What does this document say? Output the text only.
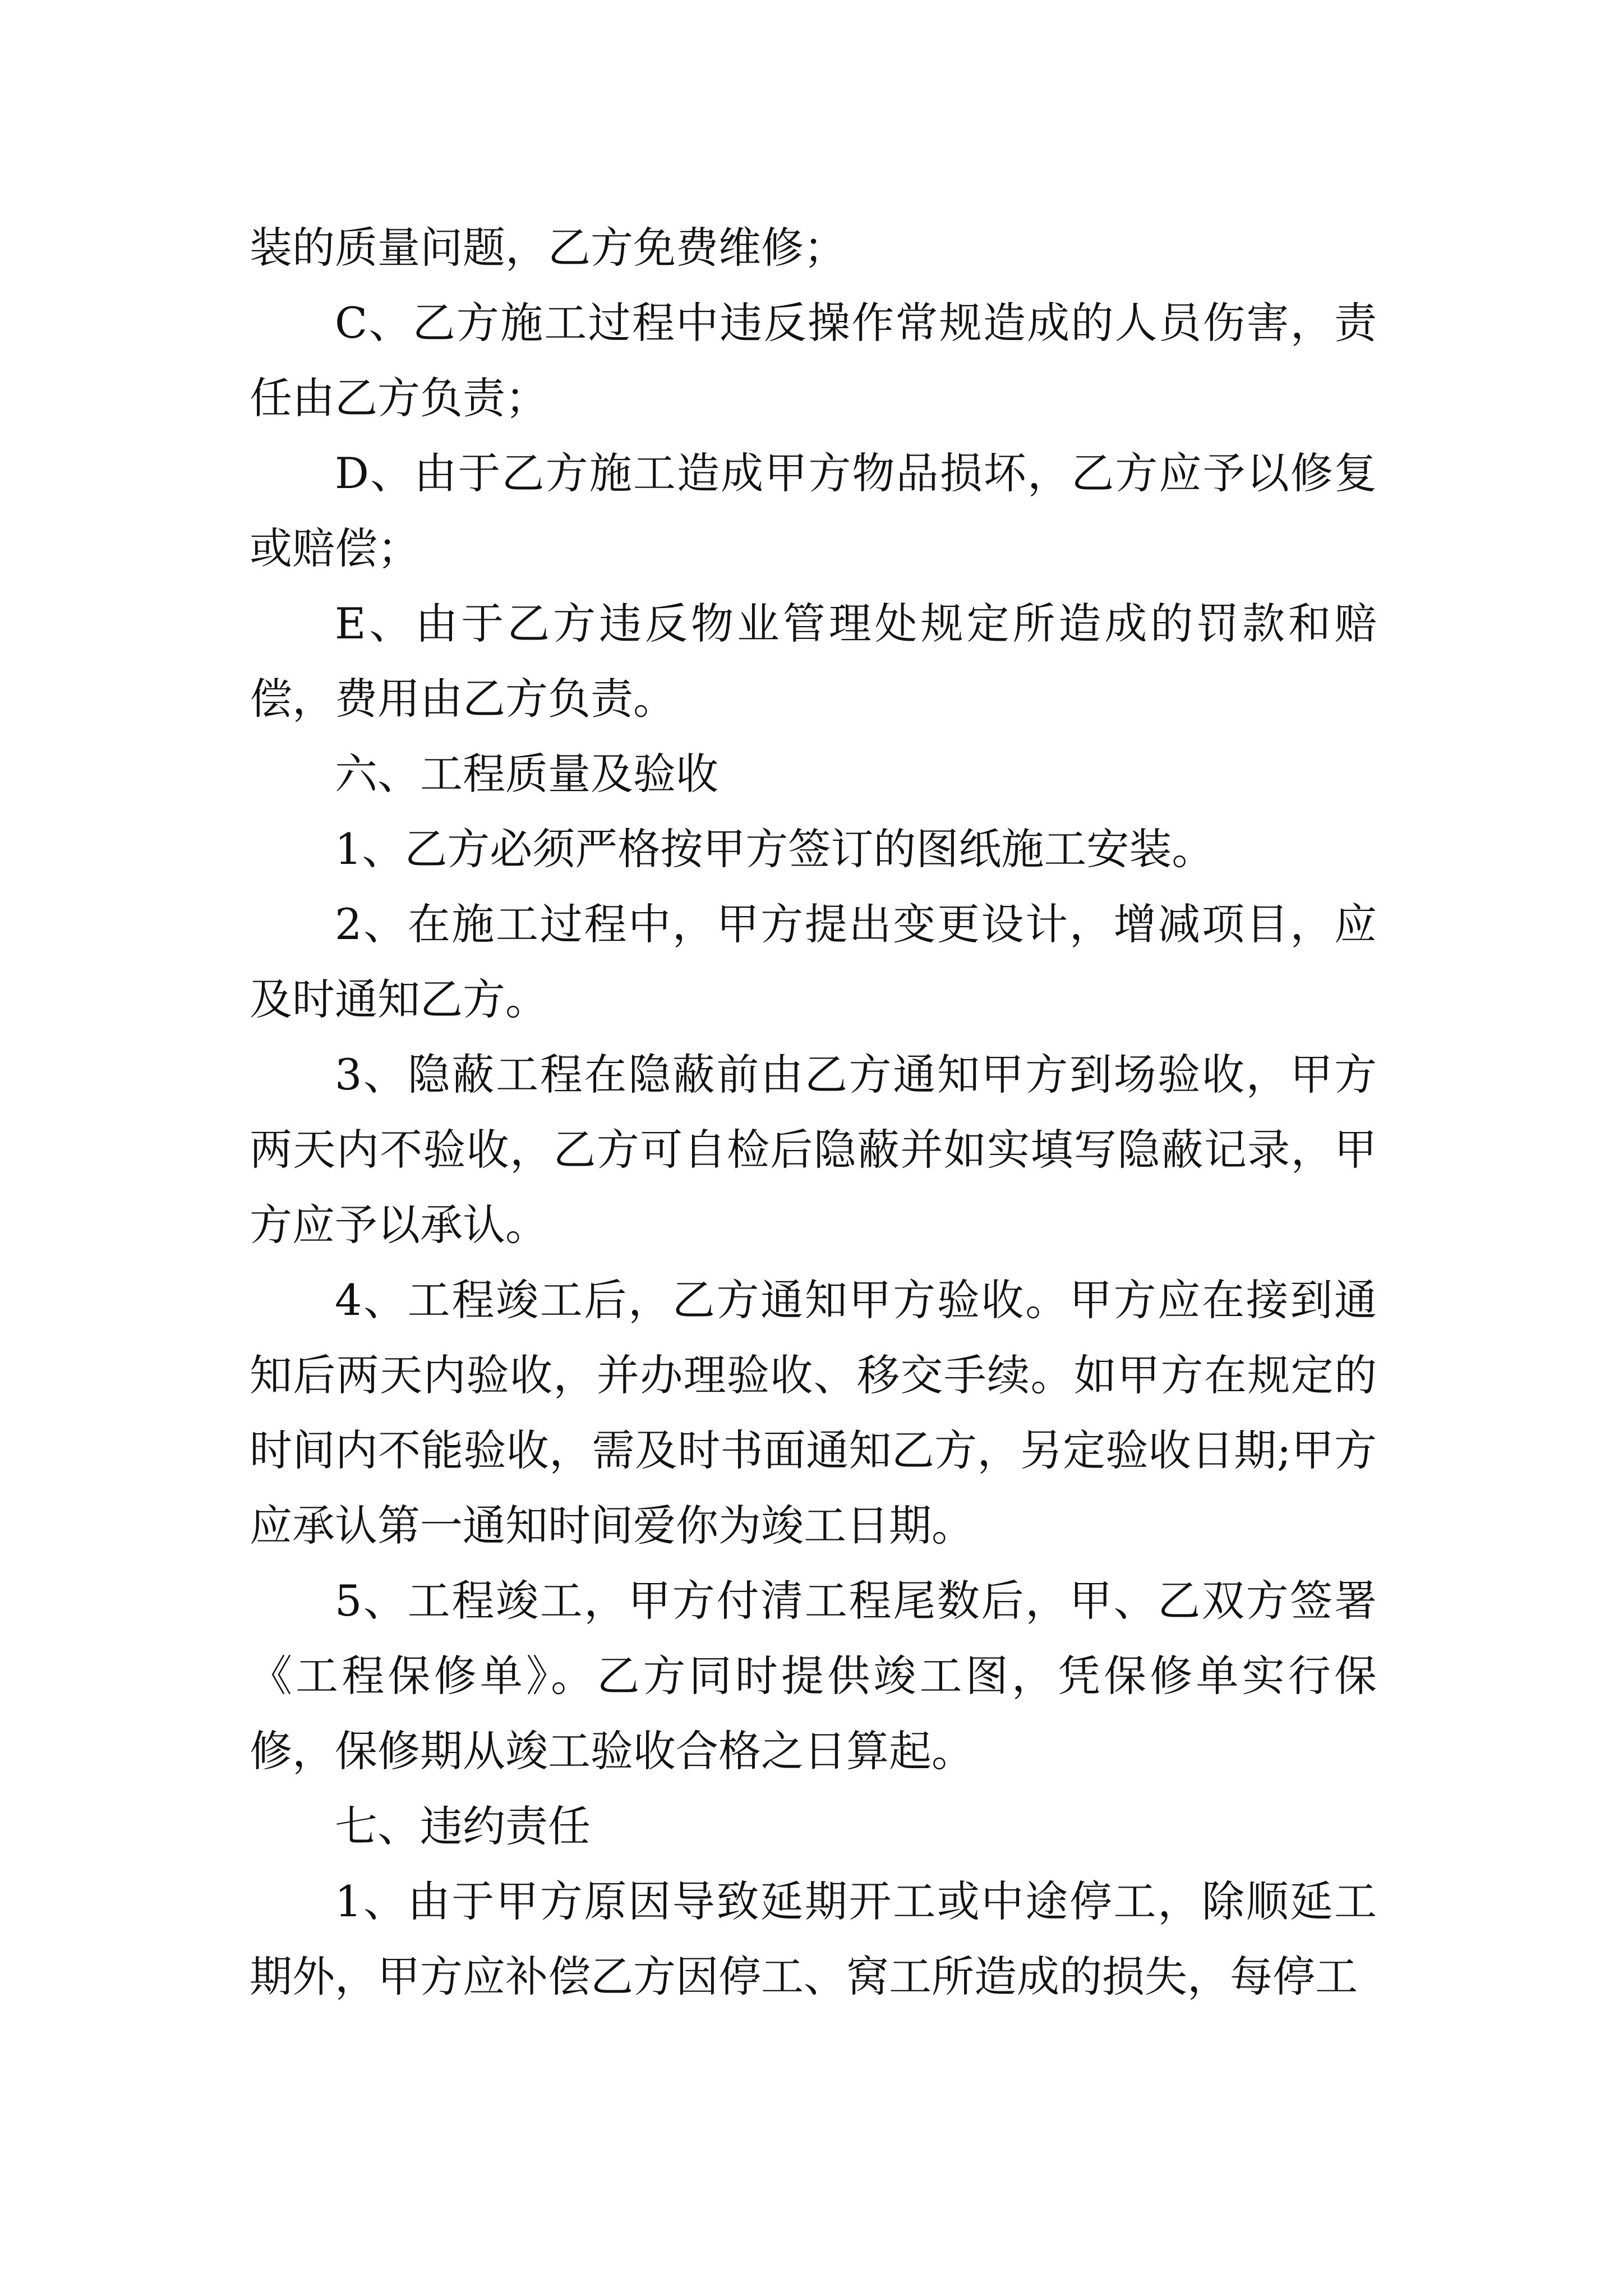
装的质量问题，乙方免费维修；

C、乙方施工过程中违反操作常规造成的人员伤害，责任由乙方负责；

D、由于乙方施工造成甲方物品损坏，乙方应予以修复或赔偿；

E、由于乙方违反物业管理处规定所造成的罚款和赔偿，费用由乙方负责。

六、工程质量及验收

1、乙方必须严格按甲方签订的图纸施工安装。

2、在施工过程中，甲方提出变更设计，增减项目，应及时通知乙方。

3、隐蔽工程在隐蔽前由乙方通知甲方到场验收，甲方两天内不验收，乙方可自检后隐蔽并如实填写隐蔽记录，甲方应予以承认。

4、工程竣工后，乙方通知甲方验收。甲方应在接到通知后两天内验收，并办理验收、移交手续。如甲方在规定的时间内不能验收，需及时书面通知乙方，另定验收日期;甲方应承认第一通知时间爱你为竣工日期。

5、工程竣工，甲方付清工程尾数后，甲、乙双方签署《工程保修单》。乙方同时提供竣工图，凭保修单实行保修，保修期从竣工验收合格之日算起。

七、违约责任

1、由于甲方原因导致延期开工或中途停工，除顺延工期外，甲方应补偿乙方因停工、窝工所造成的损失，每停工
